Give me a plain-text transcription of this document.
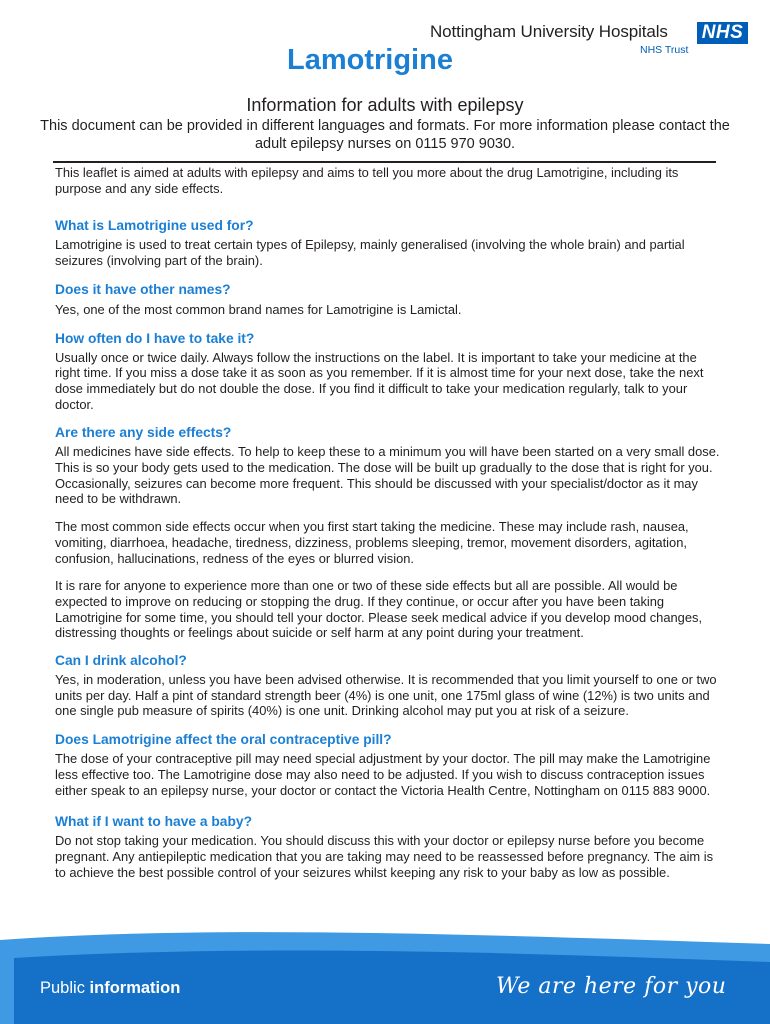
Nottingham University Hospitals	NHS
NHS Trust
Lamotrigine
Information for adults with epilepsy
This document can be provided in different languages and formats. For more information please contact the adult epilepsy nurses on 0115 970 9030.

This leaflet is aimed at adults with epilepsy and aims to tell you more about the drug Lamotrigine, including its purpose and any side effects.

What is Lamotrigine used for?

Lamotrigine is used to treat certain types of Epilepsy, mainly generalised (involving the whole brain) and partial seizures (involving part of the brain).

Does it have other names?

Yes, one of the most common brand names for Lamotrigine is Lamictal.

How often do I have to take it?

Usually once or twice daily. Always follow the instructions on the label. It is important to take your medicine at the right time. If you miss a dose take it as soon as you remember. If it is almost time for your next dose, take the next dose immediately but do not double the dose. If you find it difficult to take your medication regularly, talk to your doctor.

Are there any side effects?

All medicines have side effects. To help to keep these to a minimum you will have been started on a very small dose. This is so your body gets used to the medication. The dose will be built up gradually to the dose that is right for you. Occasionally, seizures can become more frequent. This should be discussed with your specialist/doctor as it may need to be withdrawn.

The most common side effects occur when you first start taking the medicine. These may include rash, nausea, vomiting, diarrhoea, headache, tiredness, dizziness, problems sleeping, tremor, movement disorders, agitation, confusion, hallucinations, redness of the eyes or blurred vision.

It is rare for anyone to experience more than one or two of these side effects but all are possible. All would be expected to improve on reducing or stopping the drug. If they continue, or occur after you have been taking Lamotrigine for some time, you should tell your doctor. Please seek medical advice if you develop mood changes, distressing thoughts or feelings about suicide or self harm at any point during your treatment.

Can I drink alcohol?

Yes, in moderation, unless you have been advised otherwise. It is recommended that you limit yourself to one or two units per day. Half a pint of standard strength beer (4%) is one unit, one 175ml glass of wine (12%) is two units and one single pub measure of spirits (40%) is one unit. Drinking alcohol may put you at risk of a seizure.

Does Lamotrigine affect the oral contraceptive pill?

The dose of your contraceptive pill may need special adjustment by your doctor. The pill may make the Lamotrigine less effective too. The Lamotrigine dose may also need to be adjusted. If you wish to discuss contraception issues either speak to an epilepsy nurse, your doctor or contact the Victoria Health Centre, Nottingham on 0115 883 9000.

What if I want to have a baby?

Do not stop taking your medication. You should discuss this with your doctor or epilepsy nurse before you become pregnant. Any antiepileptic medication that you are taking may need to be reassessed before pregnancy. The aim is to achieve the best possible control of your seizures whilst keeping any risk to your baby as low as possible.

Public information	We are here for you
